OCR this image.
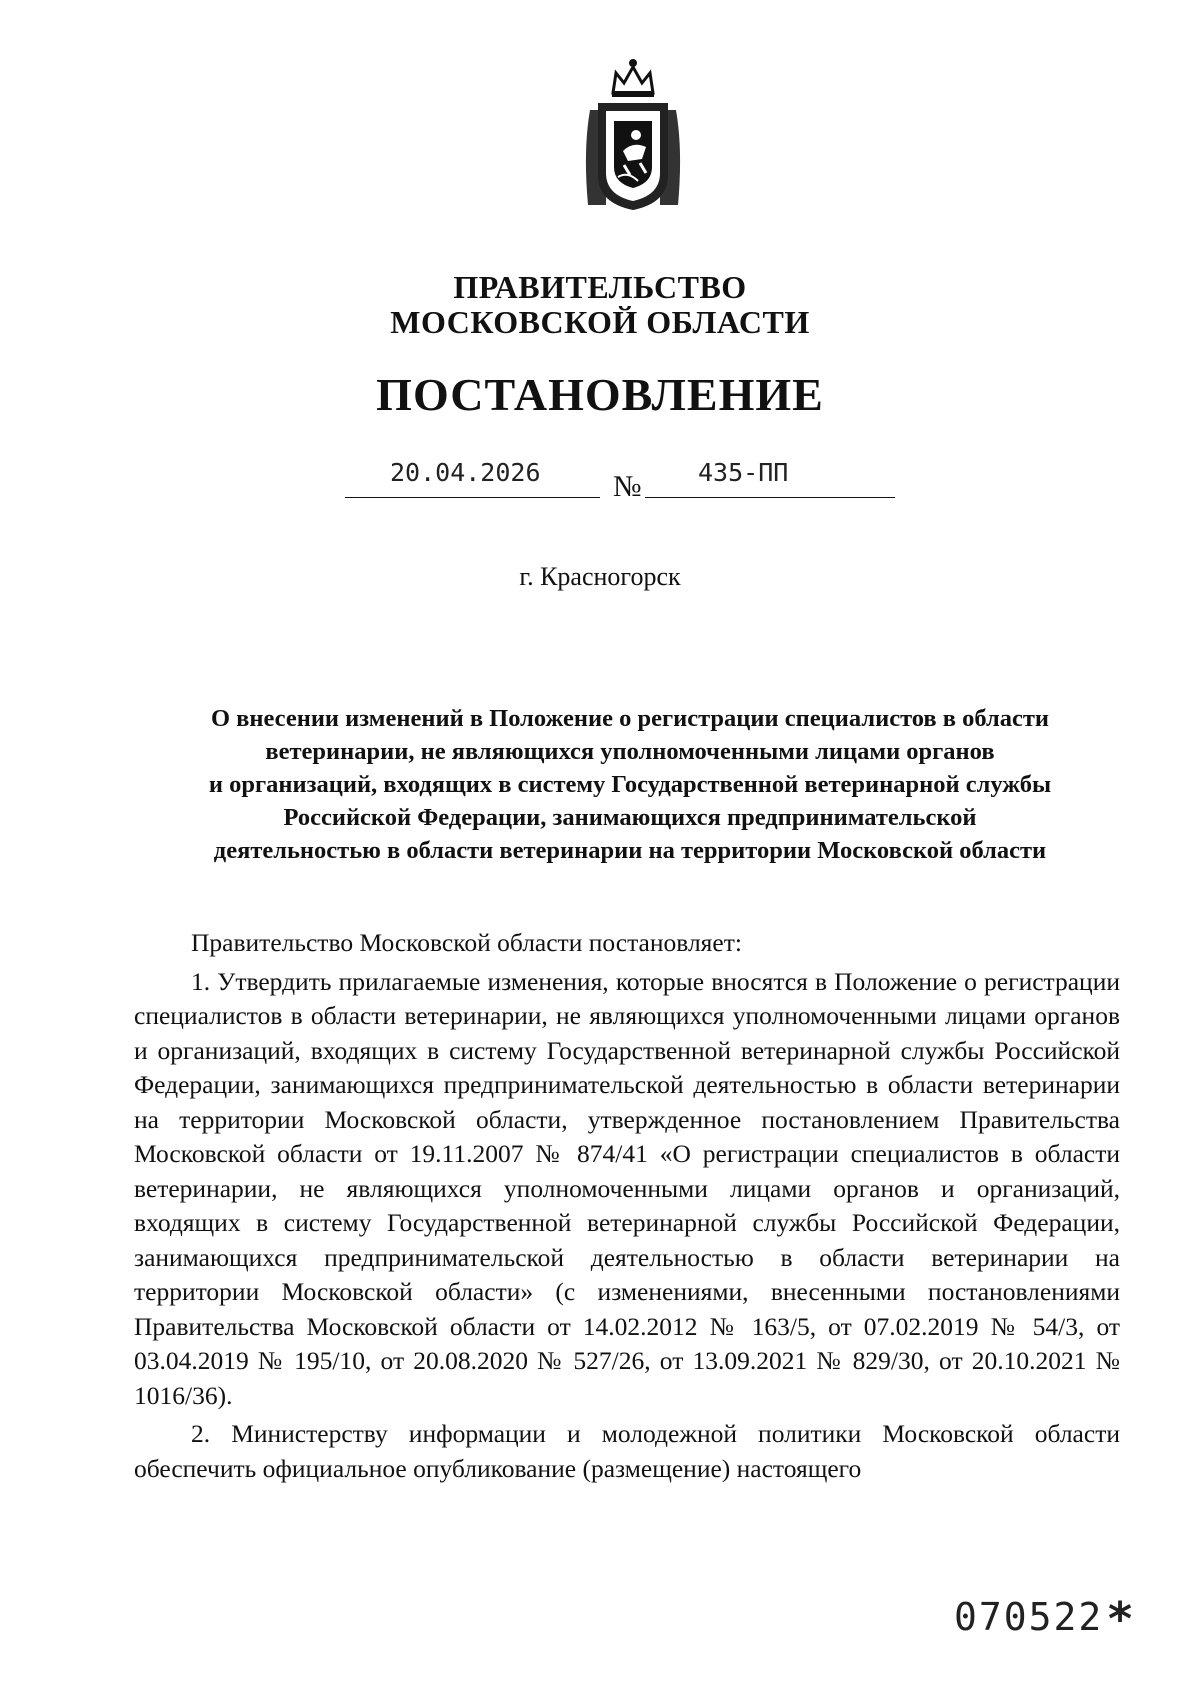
ПРАВИТЕЛЬСТВО
МОСКОВСКОЙ ОБЛАСТИ
ПОСТАНОВЛЕНИЕ
20.04.2026 № 435-ПП
г. Красногорск
О внесении изменений в Положение о регистрации специалистов в области
ветеринарии, не являющихся уполномоченными лицами органов
и организаций, входящих в систему Государственной ветеринарной службы
Российской Федерации, занимающихся предпринимательской
деятельностью в области ветеринарии на территории Московской области

Правительство Московской области постановляет:

1. Утвердить прилагаемые изменения, которые вносятся в Положение о регистрации специалистов в области ветеринарии, не являющихся уполномоченными лицами органов и организаций, входящих в систему Государственной ветеринарной службы Российской Федерации, занимающихся предпринимательской деятельностью в области ветеринарии на территории Московской области, утвержденное постановлением Правительства Московской области от 19.11.2007 № 874/41 «О регистрации специалистов в области ветеринарии, не являющихся уполномоченными лицами органов и организаций, входящих в систему Государственной ветеринарной службы Российской Федерации, занимающихся предпринимательской деятельностью в области ветеринарии на территории Московской области» (с изменениями, внесенными постановлениями Правительства Московской области от 14.02.2012 № 163/5, от 07.02.2019 № 54/3, от 03.04.2019 № 195/10, от 20.08.2020 № 527/26, от 13.09.2021 № 829/30, от 20.10.2021 № 1016/36).

2. Министерству информации и молодежной политики Московской области обеспечить официальное опубликование (размещение) настоящего

070522 *
